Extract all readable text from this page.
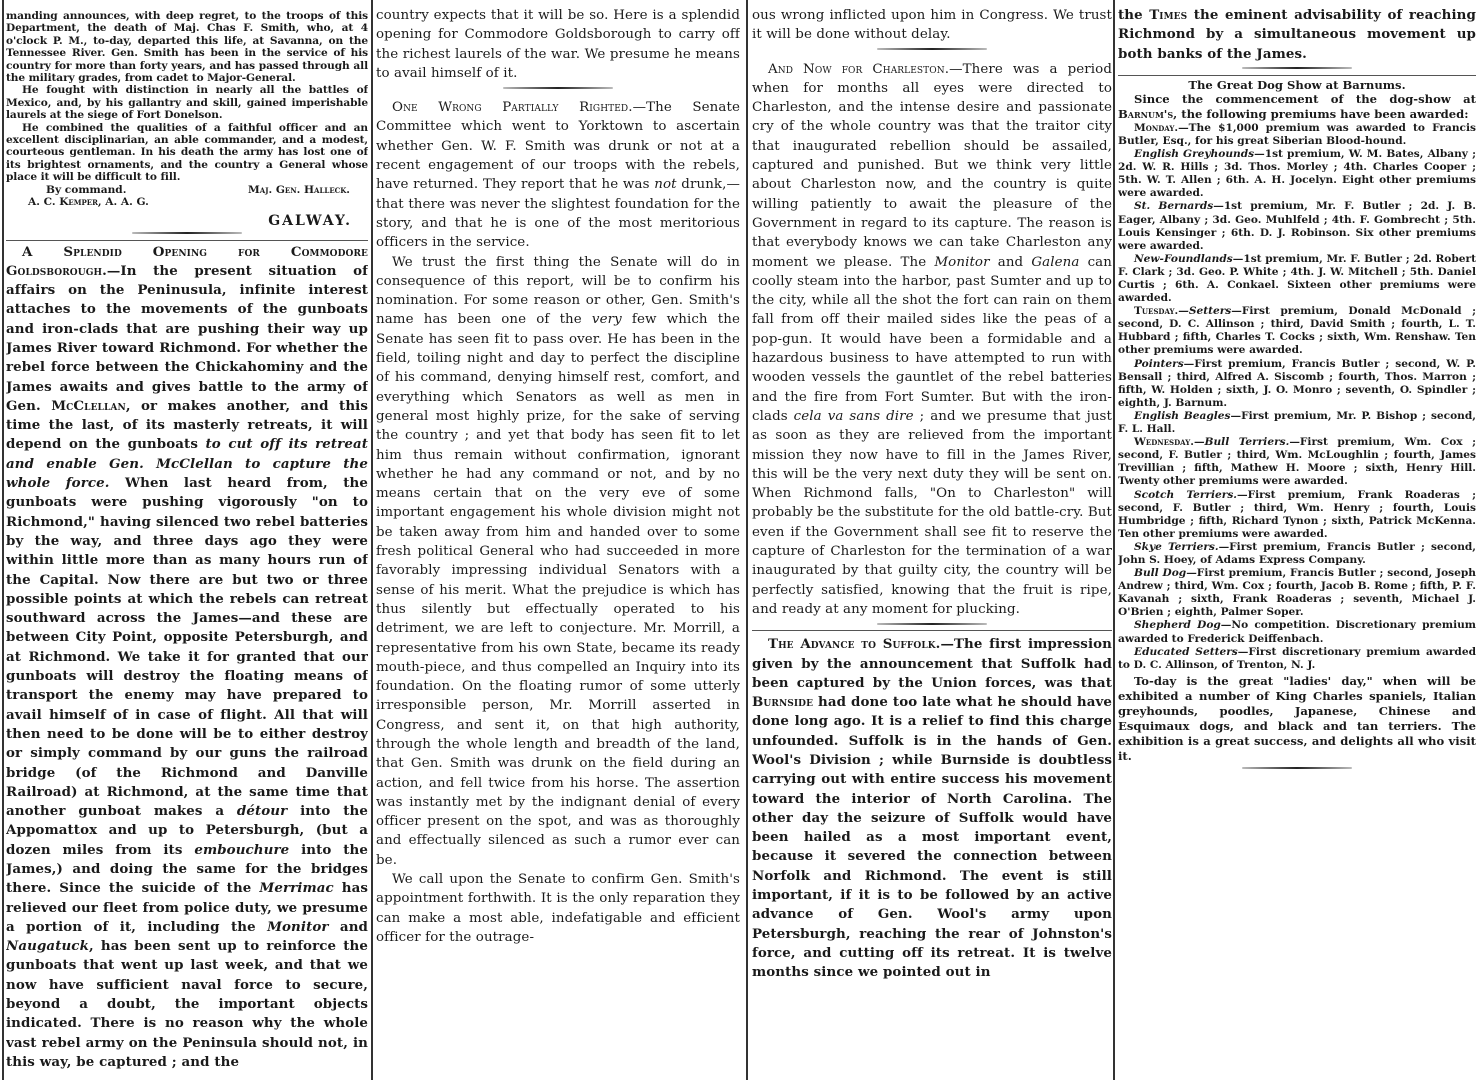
manding announces, with deep regret, to the troops of this Department, the death of Maj. Chas F. Smith, who, at 4 o'clock P. M., to-day, departed this life, at Savanna, on the Tennessee River. Gen. Smith has been in the service of his country for more than forty years, and has passed through all the military grades, from cadet to Major-General.

He fought with distinction in nearly all the battles of Mexico, and, by his gallantry and skill, gained imperishable laurels at the siege of Fort Donelson.

He combined the qualities of a faithful officer and an excellent disciplinarian, an able commander, and a modest, courteous gentleman. In his death the army has lost one of its brightest ornaments, and the country a General whose place it will be difficult to fill.

By command.	Maj. Gen. Halleck.
A. C. Kemper, A. A. G.
GALWAY.

A Splendid Opening for Commodore Goldsborough.—In the present situation of affairs on the Peninusula, infinite interest attaches to the movements of the gunboats and iron-clads that are pushing their way up James River toward Richmond. For whether the rebel force between the Chickahominy and the James awaits and gives battle to the army of Gen. McClellan, or makes another, and this time the last, of its masterly retreats, it will depend on the gunboats to cut off its retreat and enable Gen. McClellan to capture the whole force. When last heard from, the gunboats were pushing vigorously "on to Richmond," having silenced two rebel batteries by the way, and three days ago they were within little more than as many hours run of the Capital. Now there are but two or three possible points at which the rebels can retreat southward across the James—and these are between City Point, opposite Petersburgh, and at Richmond. We take it for granted that our gunboats will destroy the floating means of transport the enemy may have prepared to avail himself of in case of flight. All that will then need to be done will be to either destroy or simply command by our guns the railroad bridge (of the Richmond and Danville Railroad) at Richmond, at the same time that another gunboat makes a détour into the Appomattox and up to Petersburgh, (but a dozen miles from its embouchure into the James,) and doing the same for the bridges there. Since the suicide of the Merrimac has relieved our fleet from police duty, we presume a portion of it, including the Monitor and Naugatuck, has been sent up to reinforce the gunboats that went up last week, and that we now have sufficient naval force to secure, beyond a doubt, the important objects indicated. There is no reason why the whole vast rebel army on the Peninsula should not, in this way, be captured ; and the

country expects that it will be so. Here is a splendid opening for Commodore Goldsborough to carry off the richest laurels of the war. We presume he means to avail himself of it.

One Wrong Partially Righted.—The Senate Committee which went to Yorktown to ascertain whether Gen. W. F. Smith was drunk or not at a recent engagement of our troops with the rebels, have returned. They report that he was not drunk,—that there was never the slightest foundation for the story, and that he is one of the most meritorious officers in the service.

We trust the first thing the Senate will do in consequence of this report, will be to confirm his nomination. For some reason or other, Gen. Smith's name has been one of the very few which the Senate has seen fit to pass over. He has been in the field, toiling night and day to perfect the discipline of his command, denying himself rest, comfort, and everything which Senators as well as men in general most highly prize, for the sake of serving the country ; and yet that body has seen fit to let him thus remain without confirmation, ignorant whether he had any command or not, and by no means certain that on the very eve of some important engagement his whole division might not be taken away from him and handed over to some fresh political General who had succeeded in more favorably impressing individual Senators with a sense of his merit. What the prejudice is which has thus silently but effectually operated to his detriment, we are left to conjecture. Mr. Morrill, a representative from his own State, became its ready mouth-piece, and thus compelled an Inquiry into its foundation. On the floating rumor of some utterly irresponsible person, Mr. Morrill asserted in Congress, and sent it, on that high authority, through the whole length and breadth of the land, that Gen. Smith was drunk on the field during an action, and fell twice from his horse. The assertion was instantly met by the indignant denial of every officer present on the spot, and was as thoroughly and effectually silenced as such a rumor ever can be.

We call upon the Senate to confirm Gen. Smith's appointment forthwith. It is the only reparation they can make a most able, indefatigable and efficient officer for the outrage-

ous wrong inflicted upon him in Congress. We trust it will be done without delay.

And Now for Charleston.—There was a period when for months all eyes were directed to Charleston, and the intense desire and passionate cry of the whole country was that the traitor city that inaugurated rebellion should be assailed, captured and punished. But we think very little about Charleston now, and the country is quite willing patiently to await the pleasure of the Government in regard to its capture. The reason is that everybody knows we can take Charleston any moment we please. The Monitor and Galena can coolly steam into the harbor, past Sumter and up to the city, while all the shot the fort can rain on them fall from off their mailed sides like the peas of a pop-gun. It would have been a formidable and a hazardous business to have attempted to run with wooden vessels the gauntlet of the rebel batteries and the fire from Fort Sumter. But with the iron-clads cela va sans dire ; and we presume that just as soon as they are relieved from the important mission they now have to fill in the James River, this will be the very next duty they will be sent on. When Richmond falls, "On to Charleston" will probably be the substitute for the old battle-cry. But even if the Government shall see fit to reserve the capture of Charleston for the termination of a war inaugurated by that guilty city, the country will be perfectly satisfied, knowing that the fruit is ripe, and ready at any moment for plucking.

The Advance to Suffolk.—The first impression given by the announcement that Suffolk had been captured by the Union forces, was that Burnside had done too late what he should have done long ago. It is a relief to find this charge unfounded. Suffolk is in the hands of Gen. Wool's Division ; while Burnside is doubtless carrying out with entire success his movement toward the interior of North Carolina. The other day the seizure of Suffolk would have been hailed as a most important event, because it severed the connection between Norfolk and Richmond. The event is still important, if it is to be followed by an active advance of Gen. Wool's army upon Petersburgh, reaching the rear of Johnston's force, and cutting off its retreat. It is twelve months since we pointed out in

the Times the eminent advisability of reaching Richmond by a simultaneous movement up both banks of the James.

The Great Dog Show at Barnums.

Since the commencement of the dog-show at Barnum's, the following premiums have been awarded:

Monday.—The $1,000 premium was awarded to Francis Butler, Esq., for his great Siberian Blood-hound.

English Greyhounds—1st premium, W. M. Bates, Albany ; 2d. W. R. Hills ; 3d. Thos. Morley ; 4th. Charles Cooper ; 5th. W. T. Allen ; 6th. A. H. Jocelyn. Eight other premiums were awarded.

St. Bernards—1st premium, Mr. F. Butler ; 2d. J. B. Eager, Albany ; 3d. Geo. Muhlfeld ; 4th. F. Gombrecht ; 5th. Louis Kensinger ; 6th. D. J. Robinson. Six other premiums were awarded.

New-Foundlands—1st premium, Mr. F. Butler ; 2d. Robert F. Clark ; 3d. Geo. P. White ; 4th. J. W. Mitchell ; 5th. Daniel Curtis ; 6th. A. Conkael. Sixteen other premiums were awarded.

Tuesday.—Setters—First premium, Donald McDonald ; second, D. C. Allinson ; third, David Smith ; fourth, L. T. Hubbard ; fifth, Charles T. Cocks ; sixth, Wm. Renshaw. Ten other premiums were awarded.

Pointers—First premium, Francis Butler ; second, W. P. Bensall ; third, Alfred A. Siscomb ; fourth, Thos. Marron ; fifth, W. Holden ; sixth, J. O. Monro ; seventh, O. Spindler ; eighth, J. Barnum.

English Beagles—First premium, Mr. P. Bishop ; second, F. L. Hall.

Wednesday.—Bull Terriers.—First premium, Wm. Cox ; second, F. Butler ; third, Wm. McLoughlin ; fourth, James Trevillian ; fifth, Mathew H. Moore ; sixth, Henry Hill. Twenty other premiums were awarded.

Scotch Terriers.—First premium, Frank Roaderas ; second, F. Butler ; third, Wm. Henry ; fourth, Louis Humbridge ; fifth, Richard Tynon ; sixth, Patrick McKenna. Ten other premiums were awarded.

Skye Terriers.—First premium, Francis Butler ; second, John S. Hoey, of Adams Express Company.

Bull Dog—First premium, Francis Butler ; second, Joseph Andrew ; third, Wm. Cox ; fourth, Jacob B. Rome ; fifth, P. F. Kavanah ; sixth, Frank Roaderas ; seventh, Michael J. O'Brien ; eighth, Palmer Soper.

Shepherd Dog—No competition. Discretionary premium awarded to Frederick Deiffenbach.

Educated Setters—First discretionary premium awarded to D. C. Allinson, of Trenton, N. J.

To-day is the great "ladies' day," when will be exhibited a number of King Charles spaniels, Italian greyhounds, poodles, Japanese, Chinese and Esquimaux dogs, and black and tan terriers. The exhibition is a great success, and delights all who visit it.
